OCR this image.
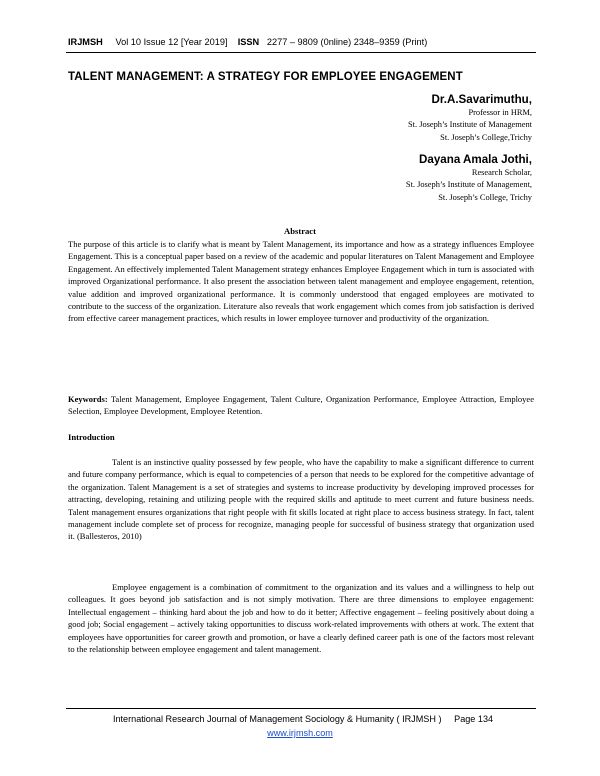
IRJMSH Vol 10 Issue 12 [Year 2019] ISSN 2277 – 9809 (0nline) 2348–9359 (Print)
TALENT MANAGEMENT: A STRATEGY FOR EMPLOYEE ENGAGEMENT
Dr.A.Savarimuthu,
Professor in HRM,
St. Joseph’s Institute of Management
St. Joseph’s College,Trichy
Dayana Amala Jothi,
Research Scholar,
St. Joseph’s Institute of Management,
St. Joseph’s College, Trichy
Abstract
The purpose of this article is to clarify what is meant by Talent Management, its importance and how as a strategy influences Employee Engagement. This is a conceptual paper based on a review of the academic and popular literatures on Talent Management and Employee Engagement. An effectively implemented Talent Management strategy enhances Employee Engagement which in turn is associated with improved Organizational performance. It also present the association between talent management and employee engagement, retention, value addition and improved organizational performance. It is commonly understood that engaged employees are motivated to contribute to the success of the organization. Literature also reveals that work engagement which comes from job satisfaction is derived from effective career management practices, which results in lower employee turnover and productivity of the organization.
Keywords: Talent Management, Employee Engagement, Talent Culture, Organization Performance, Employee Attraction, Employee Selection, Employee Development, Employee Retention.
Introduction
Talent is an instinctive quality possessed by few people, who have the capability to make a significant difference to current and future company performance, which is equal to competencies of a person that needs to be explored for the competitive advantage of the organization. Talent Management is a set of strategies and systems to increase productivity by developing improved processes for attracting, developing, retaining and utilizing people with the required skills and aptitude to meet current and future business needs. Talent management ensures organizations that right people with fit skills located at right place to access business strategy. In fact, talent management include complete set of process for recognize, managing people for successful of business strategy that organization used it. (Ballesteros, 2010)
Employee engagement is a combination of commitment to the organization and its values and a willingness to help out colleagues. It goes beyond job satisfaction and is not simply motivation. There are three dimensions to employee engagement: Intellectual engagement – thinking hard about the job and how to do it better; Affective engagement – feeling positively about doing a good job; Social engagement – actively taking opportunities to discuss work-related improvements with others at work. The extent that employees have opportunities for career growth and promotion, or have a clearly defined career path is one of the factors most relevant to the relationship between employee engagement and talent management.
International Research Journal of Management Sociology & Humanity ( IRJMSH ) Page 134
www.irjmsh.com
